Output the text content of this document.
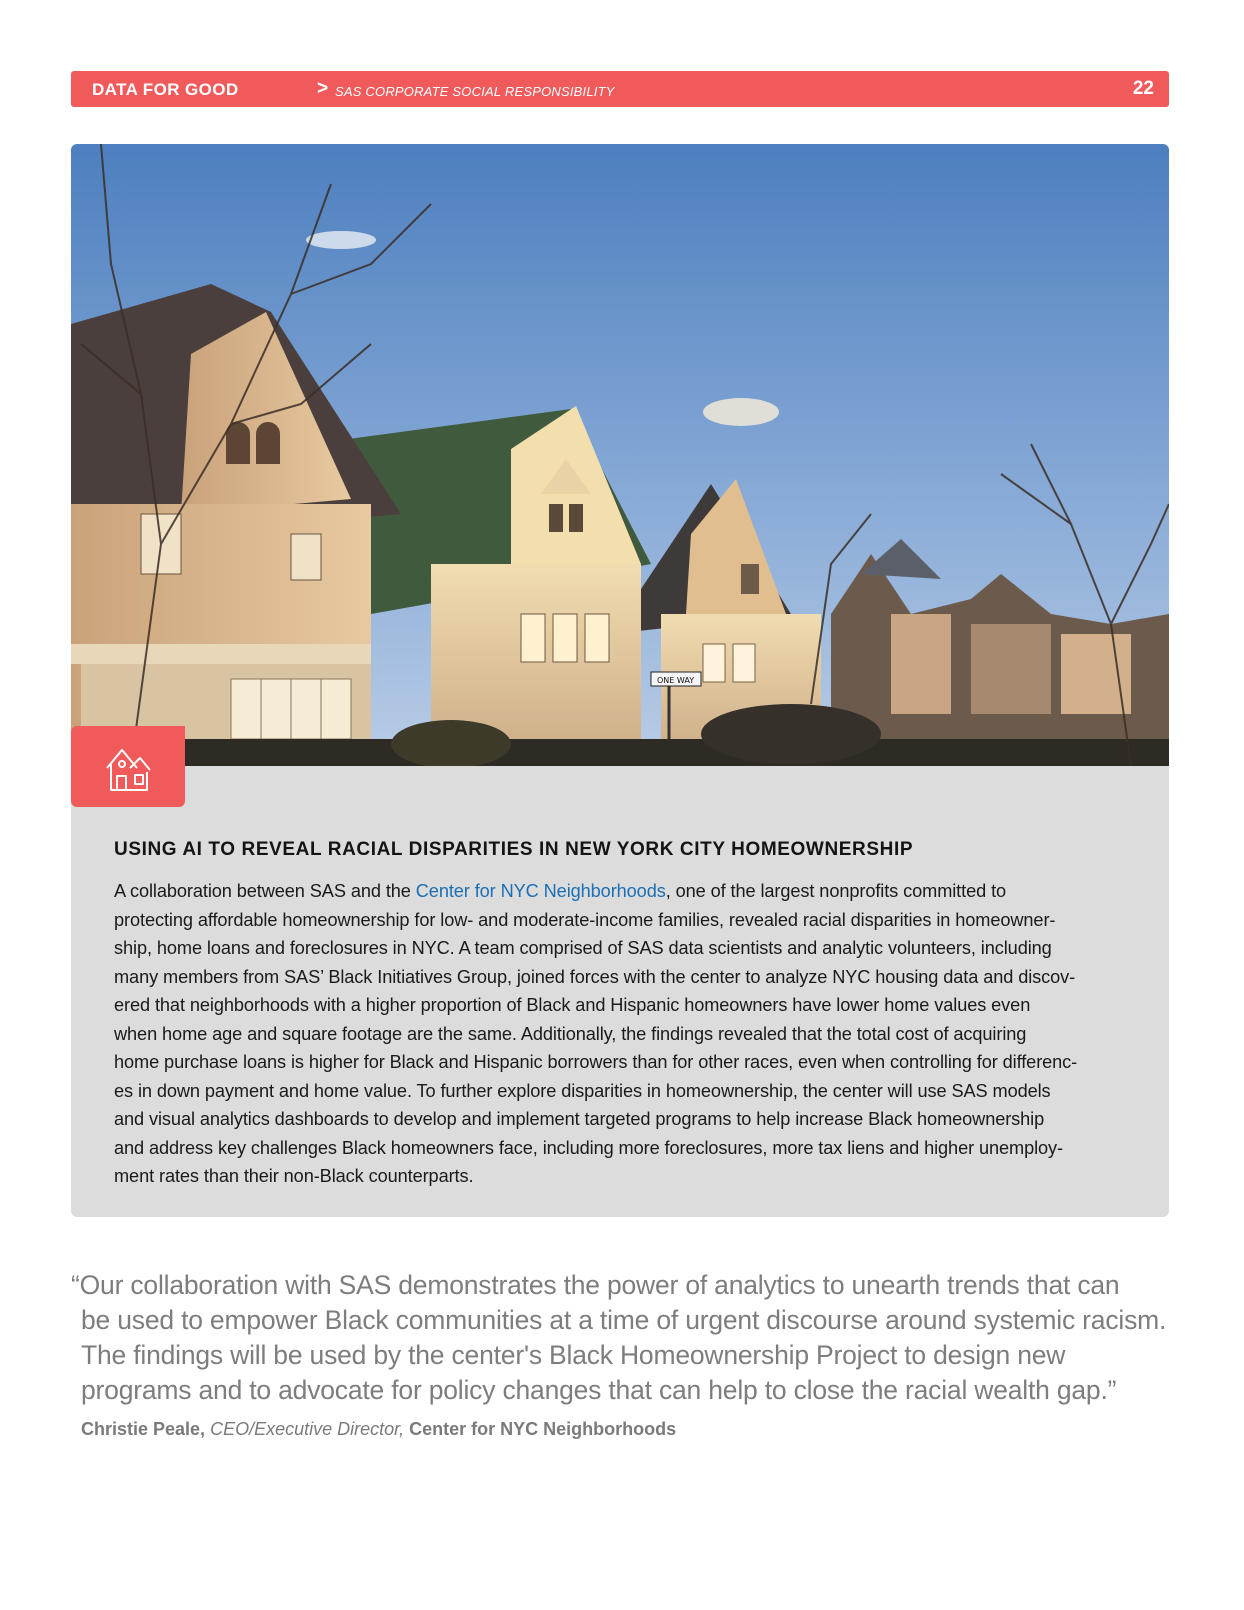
DATA FOR GOOD	> SAS CORPORATE SOCIAL RESPONSIBILITY	22
ONE WAY
USING AI TO REVEAL RACIAL DISPARITIES IN NEW YORK CITY HOMEOWNERSHIP
A collaboration between SAS and the Center for NYC Neighborhoods, one of the largest nonprofits committed to
protecting affordable homeownership for low- and moderate-income families, revealed racial disparities in homeowner-
ship, home loans and foreclosures in NYC. A team comprised of SAS data scientists and analytic volunteers, including
many members from SAS’ Black Initiatives Group, joined forces with the center to analyze NYC housing data and discov-
ered that neighborhoods with a higher proportion of Black and Hispanic homeowners have lower home values even
when home age and square footage are the same. Additionally, the findings revealed that the total cost of acquiring
home purchase loans is higher for Black and Hispanic borrowers than for other races, even when controlling for differenc-
es in down payment and home value. To further explore disparities in homeownership, the center will use SAS models
and visual analytics dashboards to develop and implement targeted programs to help increase Black homeownership
and address key challenges Black homeowners face, including more foreclosures, more tax liens and higher unemploy-
ment rates than their non-Black counterparts.
“Our collaboration with SAS demonstrates the power of analytics to unearth trends that can
be used to empower Black communities at a time of urgent discourse around systemic racism.
The findings will be used by the center's Black Homeownership Project to design new
programs and to advocate for policy changes that can help to close the racial wealth gap.”
Christie Peale, CEO/Executive Director, Center for NYC Neighborhoods
